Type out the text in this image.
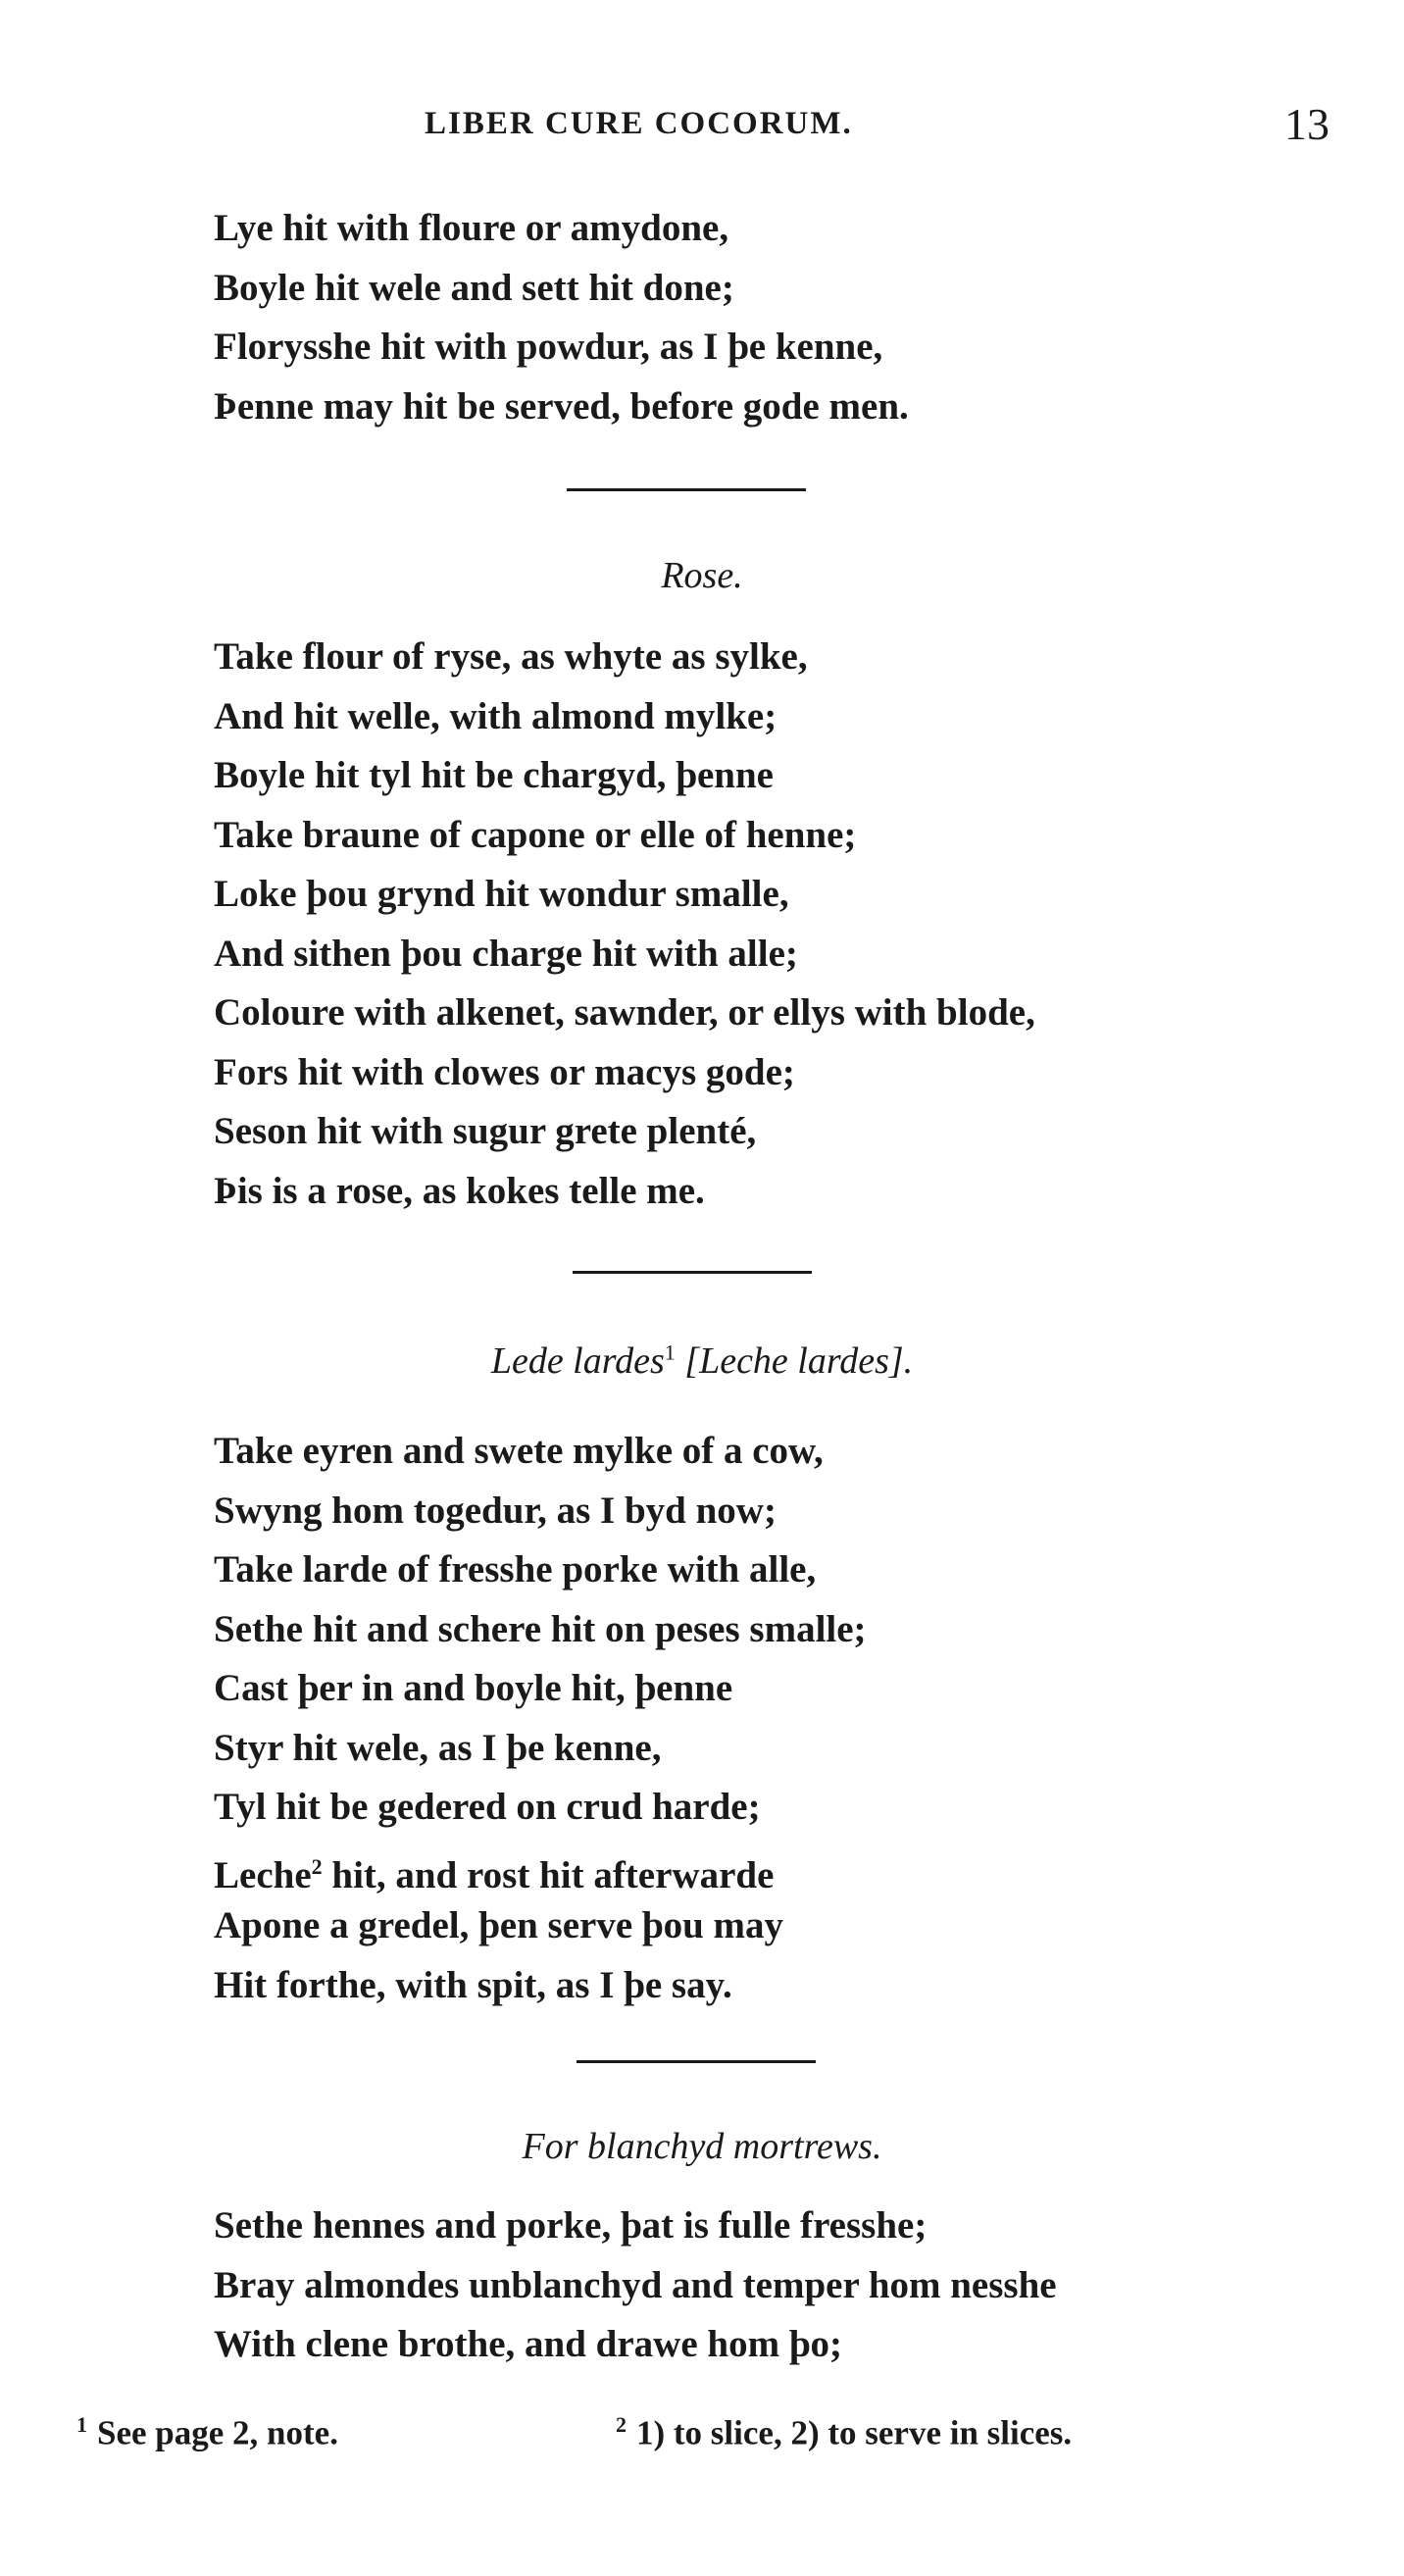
LIBER CURE COCORUM.	13
Lye hit with floure or amydone,
Boyle hit wele and sett hit done;
Florysshe hit with powdur, as I þe kenne,
Þenne may hit be served, before gode men.
Rose.
Take flour of ryse, as whyte as sylke,
And hit welle, with almond mylke;
Boyle hit tyl hit be chargyd, þenne
Take braune of capone or elle of henne;
Loke þou grynd hit wondur smalle,
And sithen þou charge hit with alle;
Coloure with alkenet, sawnder, or ellys with blode,
Fors hit with clowes or macys gode;
Seson hit with sugur grete plenté,
Þis is a rose, as kokes telle me.
Lede lardes$^1$ [Leche lardes].
Take eyren and swete mylke of a cow,
Swyng hom togedur, as I byd now;
Take larde of fresshe porke with alle,
Sethe hit and schere hit on peses smalle;
Cast þer in and boyle hit, þenne
Styr hit wele, as I þe kenne,
Tyl hit be gedered on crud harde;
Leche$^2$ hit, and rost hit afterwarde
Apone a gredel, þen serve þou may
Hit forthe, with spit, as I þe say.
For blanchyd mortrews.
Sethe hennes and porke, þat is fulle fresshe;
Bray almondes unblanchyd and temper hom nesshe
With clene brothe, and drawe hom þo;
$^1$ See page 2, note.	$^2$ 1) to slice, 2) to serve in slices.
